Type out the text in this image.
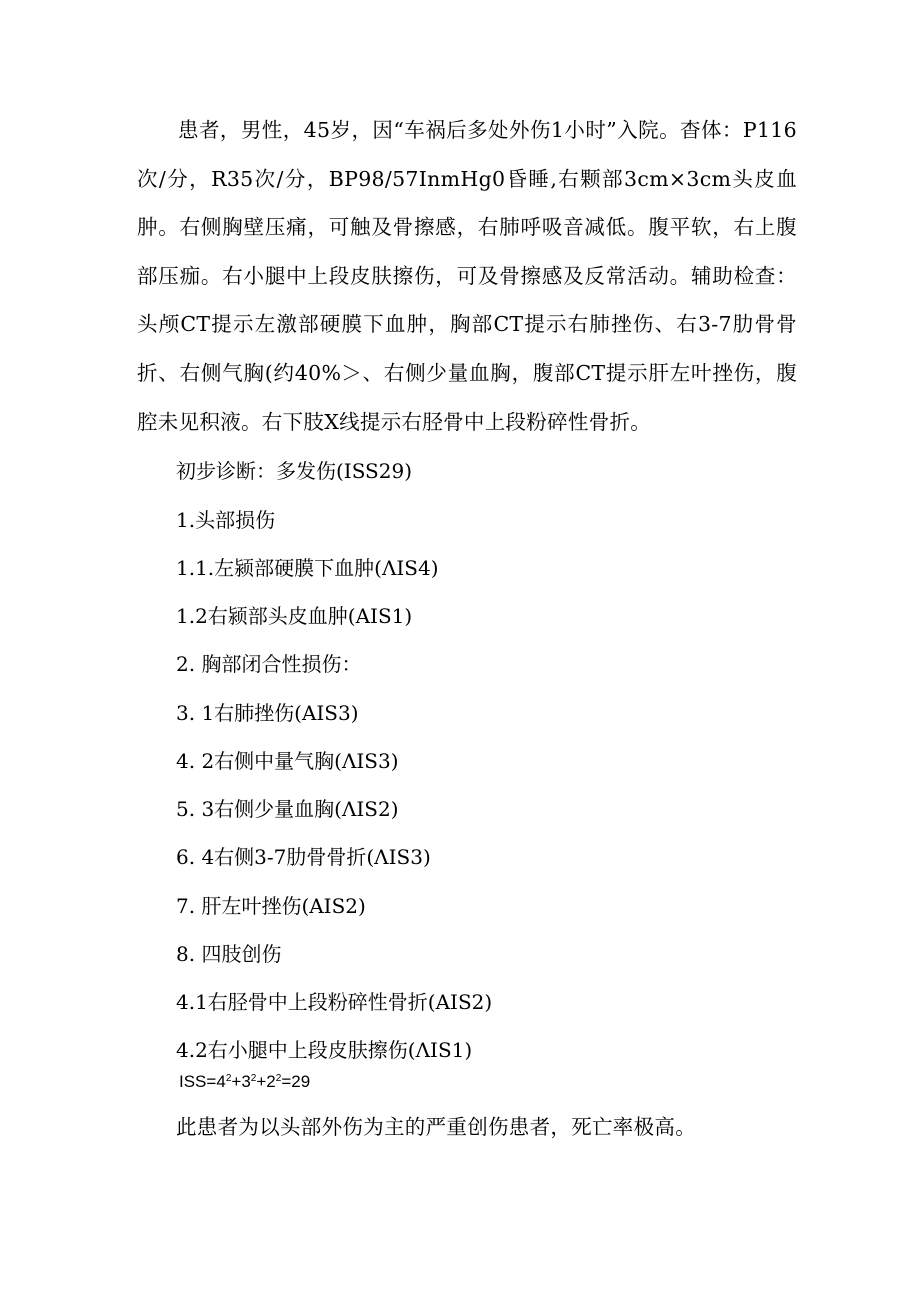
患者，男性，45岁，因“车祸后多处外伤1小时”入院。杳体：P116次/分，R35次/分，BP98/57InmHg0昏睡,右颗部3cm×3cm头皮血肿。右侧胸壁压痛，可触及骨擦感，右肺呼吸音减低。腹平软，右上腹部压痂。右小腿中上段皮肤擦伤，可及骨擦感及反常活动。辅助检查：头颅CT提示左激部硬膜下血肿，胸部CT提示右肺挫伤、右3-7肋骨骨折、右侧气胸(约40%＞、右侧少量血胸，腹部CT提示肝左叶挫伤，腹腔未见积液。右下肢X线提示右胫骨中上段粉碎性骨折。

初步诊断：多发伤(ISS29)
1.头部损伤
1.1.左颍部硬膜下血肿(ΛIS4)
1.2右颍部头皮血肿(AIS1)
2. 胸部闭合性损伤：
3. 1右肺挫伤(AIS3)
4. 2右侧中量气胸(ΛIS3)
5. 3右侧少量血胸(ΛIS2)
6. 4右侧3-7肋骨骨折(ΛIS3)
7. 肝左叶挫伤(AIS2)
8. 四肢创伤
4.1右胫骨中上段粉碎性骨折(AIS2)
4.2右小腿中上段皮肤擦伤(ΛIS1)
$ISS=4^2+3^2+2^2=29$
此患者为以头部外伤为主的严重创伤患者，死亡率极高。
